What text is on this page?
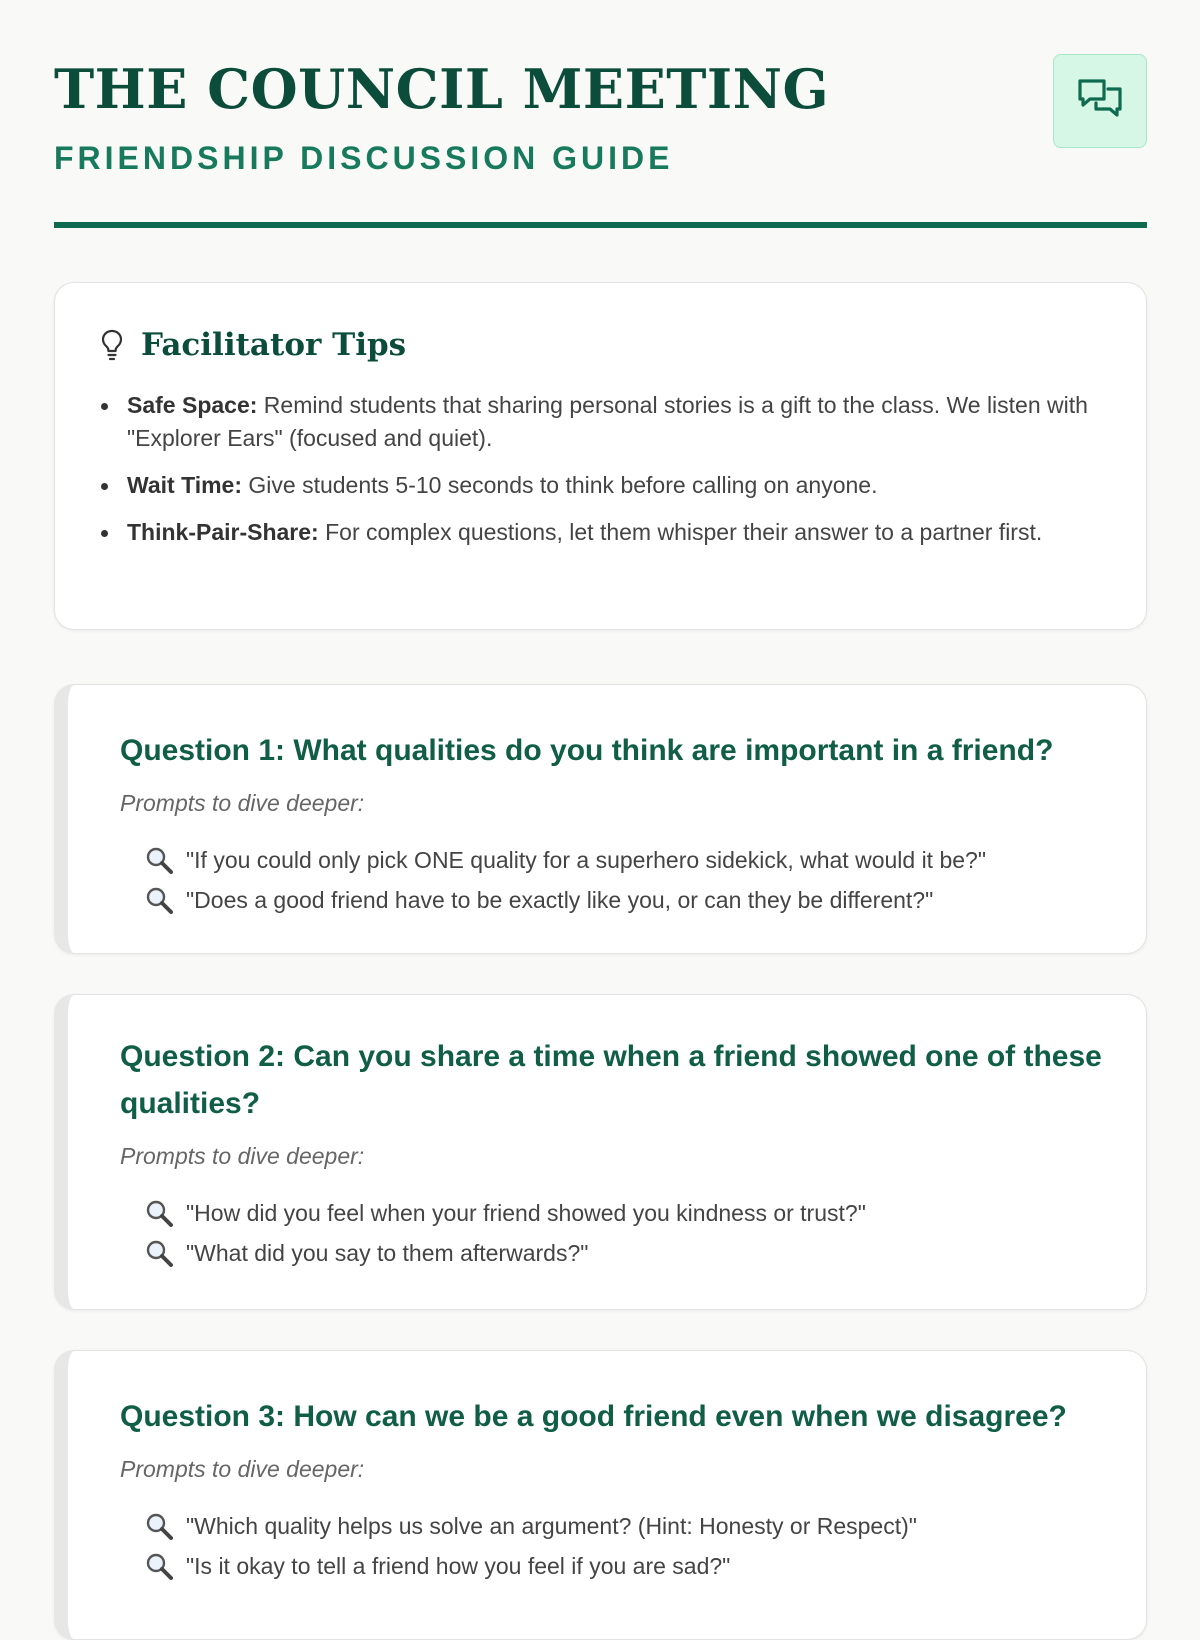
THE COUNCIL MEETING
FRIENDSHIP DISCUSSION GUIDE
Facilitator Tips
Safe Space: Remind students that sharing personal stories is a gift to the class. We listen with "Explorer Ears" (focused and quiet).
Wait Time: Give students 5-10 seconds to think before calling on anyone.
Think-Pair-Share: For complex questions, let them whisper their answer to a partner first.
Question 1: What qualities do you think are important in a friend?
Prompts to dive deeper:
"If you could only pick ONE quality for a superhero sidekick, what would it be?"
"Does a good friend have to be exactly like you, or can they be different?"
Question 2: Can you share a time when a friend showed one of these qualities?
Prompts to dive deeper:
"How did you feel when your friend showed you kindness or trust?"
"What did you say to them afterwards?"
Question 3: How can we be a good friend even when we disagree?
Prompts to dive deeper:
"Which quality helps us solve an argument? (Hint: Honesty or Respect)"
"Is it okay to tell a friend how you feel if you are sad?"
